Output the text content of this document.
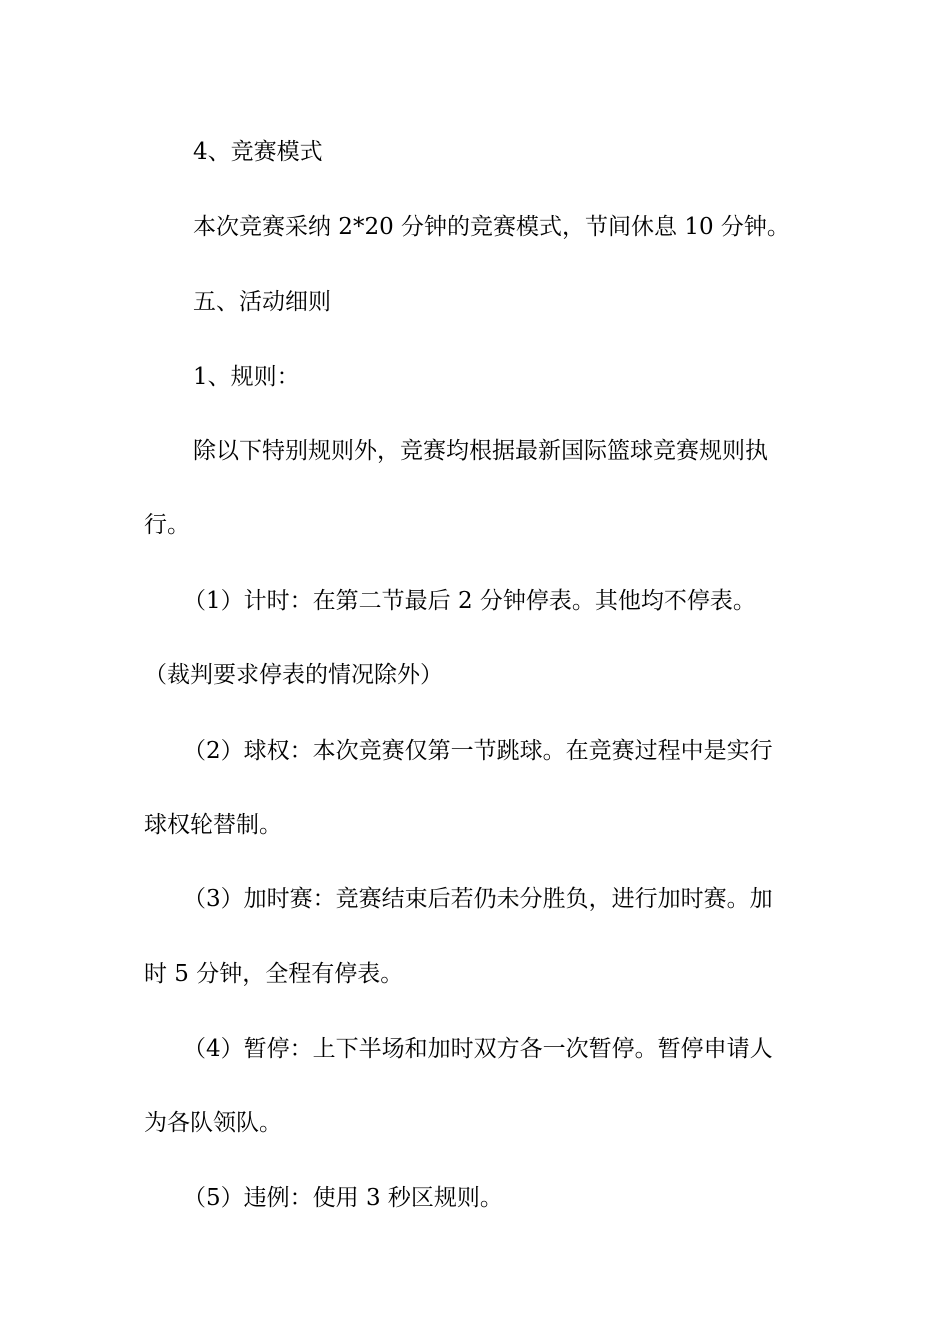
4、竞赛模式

本次竞赛采纳 2*20 分钟的竞赛模式，节间休息 10 分钟。

五、活动细则

1、规则：

除以下特别规则外，竞赛均根据最新国际篮球竞赛规则执

行。

（1）计时：在第二节最后 2 分钟停表。其他均不停表。

（裁判要求停表的情况除外）

（2）球权：本次竞赛仅第一节跳球。在竞赛过程中是实行

球权轮替制。

（3）加时赛：竞赛结束后若仍未分胜负，进行加时赛。加

时 5 分钟，全程有停表。

（4）暂停：上下半场和加时双方各一次暂停。暂停申请人

为各队领队。

（5）违例：使用 3 秒区规则。
